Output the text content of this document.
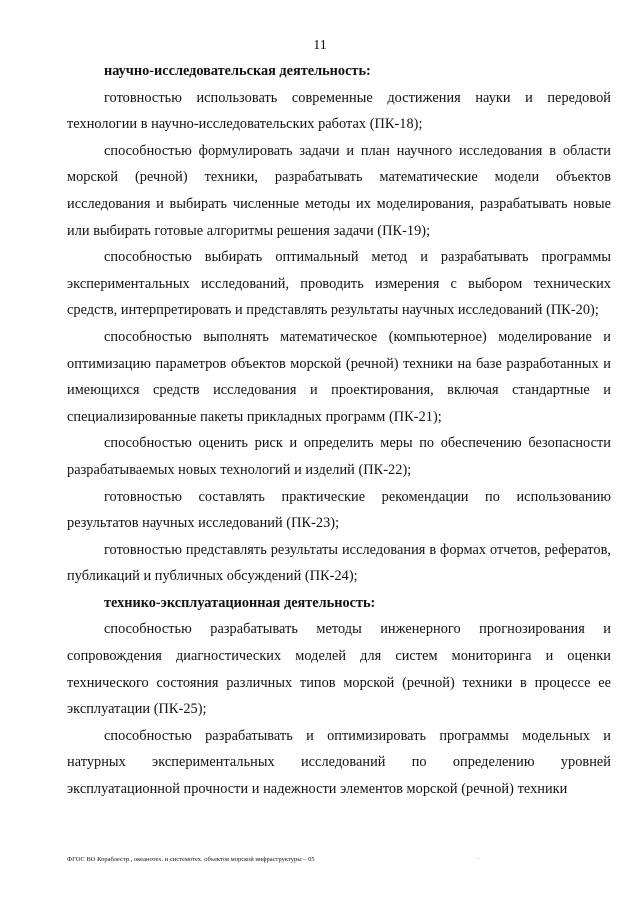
11

научно-исследовательская деятельность:

готовностью использовать современные достижения науки и передовой технологии в научно-исследовательских работах (ПК-18);

способностью формулировать задачи и план научного исследования в области морской (речной) техники, разрабатывать математические модели объектов исследования и выбирать численные методы их моделирования, разрабатывать новые или выбирать готовые алгоритмы решения задачи (ПК-19);

способностью выбирать оптимальный метод и разрабатывать программы экспериментальных исследований, проводить измерения с выбором технических средств, интерпретировать и представлять результаты научных исследований (ПК-20);

способностью выполнять математическое (компьютерное) моделирование и оптимизацию параметров объектов морской (речной) техники на базе разработанных и имеющихся средств исследования и проектирования, включая стандартные и специализированные пакеты прикладных программ (ПК-21);

способностью оценить риск и определить меры по обеспечению безопасности разрабатываемых новых технологий и изделий (ПК-22);

готовностью составлять практические рекомендации по использованию результатов научных исследований (ПК-23);

готовностью представлять результаты исследования в формах отчетов, рефератов, публикаций и публичных обсуждений (ПК-24);

технико-эксплуатационная деятельность:

способностью разрабатывать методы инженерного прогнозирования и сопровождения диагностических моделей для систем мониторинга и оценки технического состояния различных типов морской (речной) техники в процессе ее эксплуатации (ПК-25);

способностью разрабатывать и оптимизировать программы модельных и натурных экспериментальных исследований по определению уровней эксплуатационной прочности и надежности элементов морской (речной) техники

ФГОС ВО Кораблестр., океанотех. и системотех. объектов морской инфраструктуры – 05	. .
